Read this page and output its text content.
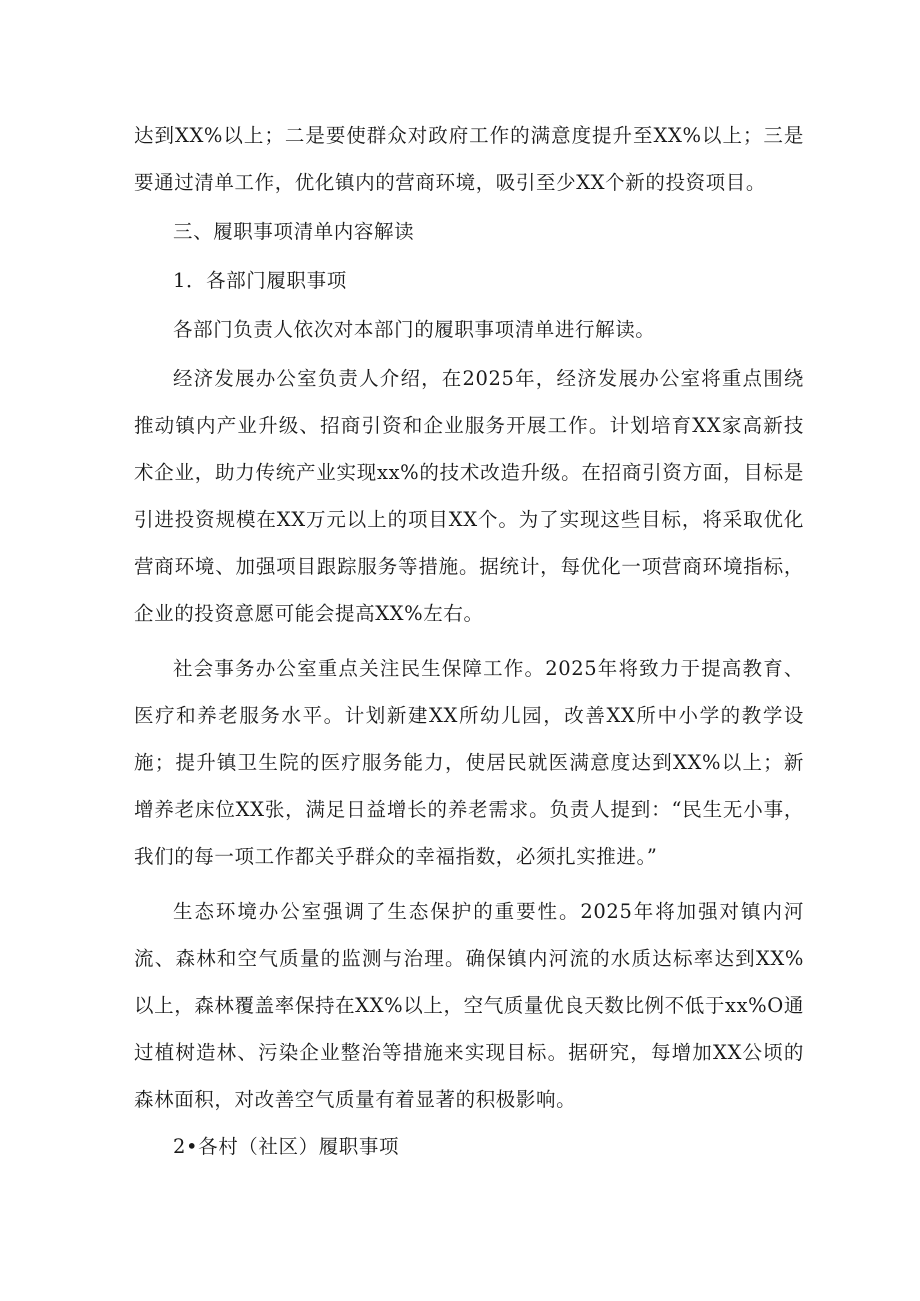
达到XX%以上；二是要使群众对政府工作的满意度提升至XX%以上；三是要通过清单工作，优化镇内的营商环境，吸引至少XX个新的投资项目。

三、履职事项清单内容解读

1．各部门履职事项

各部门负责人依次对本部门的履职事项清单进行解读。

经济发展办公室负责人介绍，在2025年，经济发展办公室将重点围绕推动镇内产业升级、招商引资和企业服务开展工作。计划培育XX家高新技术企业，助力传统产业实现xx%的技术改造升级。在招商引资方面，目标是引进投资规模在XX万元以上的项目XX个。为了实现这些目标，将采取优化营商环境、加强项目跟踪服务等措施。据统计，每优化一项营商环境指标，企业的投资意愿可能会提高XX%左右。

社会事务办公室重点关注民生保障工作。2025年将致力于提高教育、医疗和养老服务水平。计划新建XX所幼儿园，改善XX所中小学的教学设施；提升镇卫生院的医疗服务能力，使居民就医满意度达到XX%以上；新增养老床位XX张，满足日益增长的养老需求。负责人提到：“民生无小事，我们的每一项工作都关乎群众的幸福指数，必须扎实推进。”

生态环境办公室强调了生态保护的重要性。2025年将加强对镇内河流、森林和空气质量的监测与治理。确保镇内河流的水质达标率达到XX%以上，森林覆盖率保持在XX%以上，空气质量优良天数比例不低于xx%O通过植树造林、污染企业整治等措施来实现目标。据研究，每增加XX公顷的森林面积，对改善空气质量有着显著的积极影响。

2•各村（社区）履职事项
